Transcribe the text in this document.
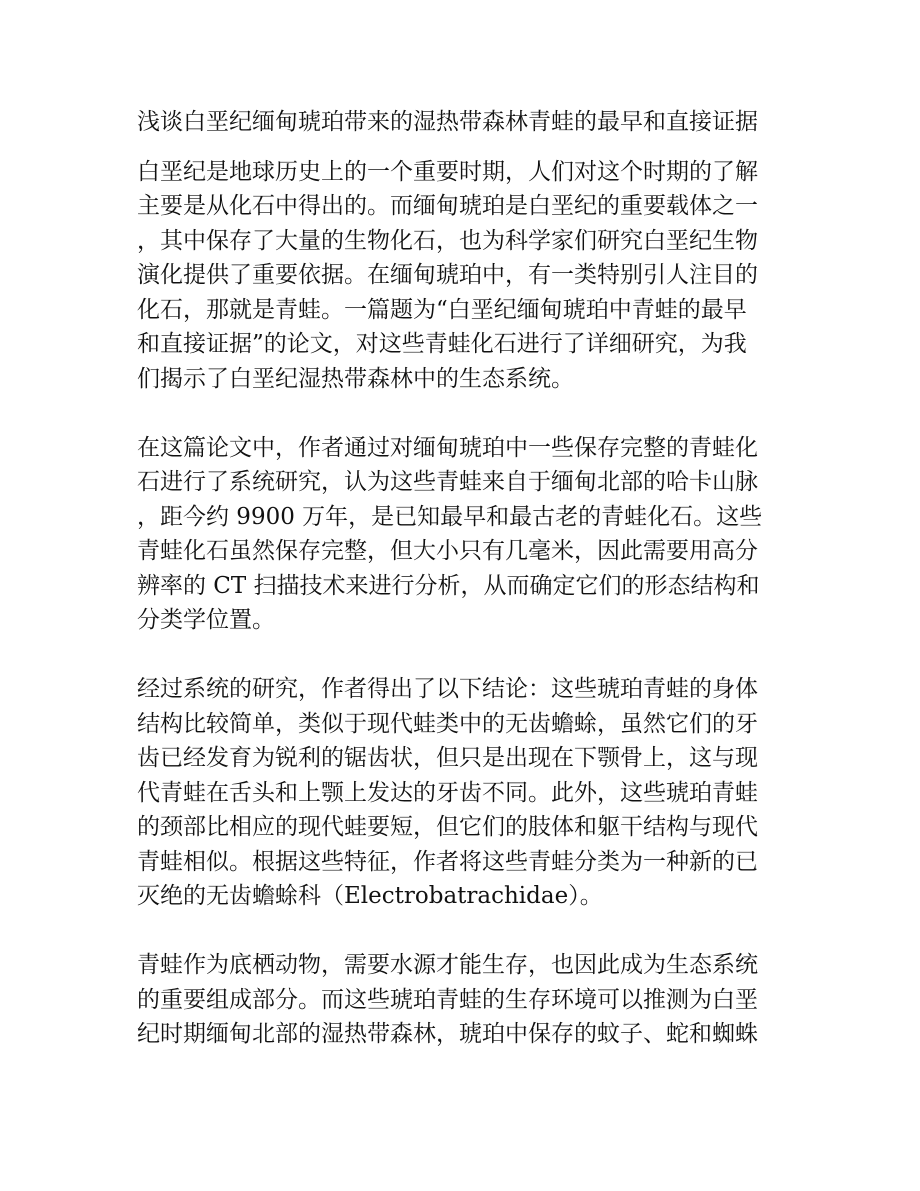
浅谈白垩纪缅甸琥珀带来的湿热带森林青蛙的最早和直接证据
白垩纪是地球历史上的一个重要时期，人们对这个时期的了解
主要是从化石中得出的。而缅甸琥珀是白垩纪的重要载体之一
，其中保存了大量的生物化石，也为科学家们研究白垩纪生物
演化提供了重要依据。在缅甸琥珀中，有一类特别引人注目的
化石，那就是青蛙。一篇题为“白垩纪缅甸琥珀中青蛙的最早
和直接证据”的论文，对这些青蛙化石进行了详细研究，为我
们揭示了白垩纪湿热带森林中的生态系统。
在这篇论文中，作者通过对缅甸琥珀中一些保存完整的青蛙化
石进行了系统研究，认为这些青蛙来自于缅甸北部的哈卡山脉
，距今约 9900 万年，是已知最早和最古老的青蛙化石。这些
青蛙化石虽然保存完整，但大小只有几毫米，因此需要用高分
辨率的 CT 扫描技术来进行分析，从而确定它们的形态结构和
分类学位置。
经过系统的研究，作者得出了以下结论：这些琥珀青蛙的身体
结构比较简单，类似于现代蛙类中的无齿蟾蜍，虽然它们的牙
齿已经发育为锐利的锯齿状，但只是出现在下颚骨上，这与现
代青蛙在舌头和上颚上发达的牙齿不同。此外，这些琥珀青蛙
的颈部比相应的现代蛙要短，但它们的肢体和躯干结构与现代
青蛙相似。根据这些特征，作者将这些青蛙分类为一种新的已
灭绝的无齿蟾蜍科（Electrobatrachidae）。
青蛙作为底栖动物，需要水源才能生存，也因此成为生态系统
的重要组成部分。而这些琥珀青蛙的生存环境可以推测为白垩
纪时期缅甸北部的湿热带森林，琥珀中保存的蚊子、蛇和蜘蛛
